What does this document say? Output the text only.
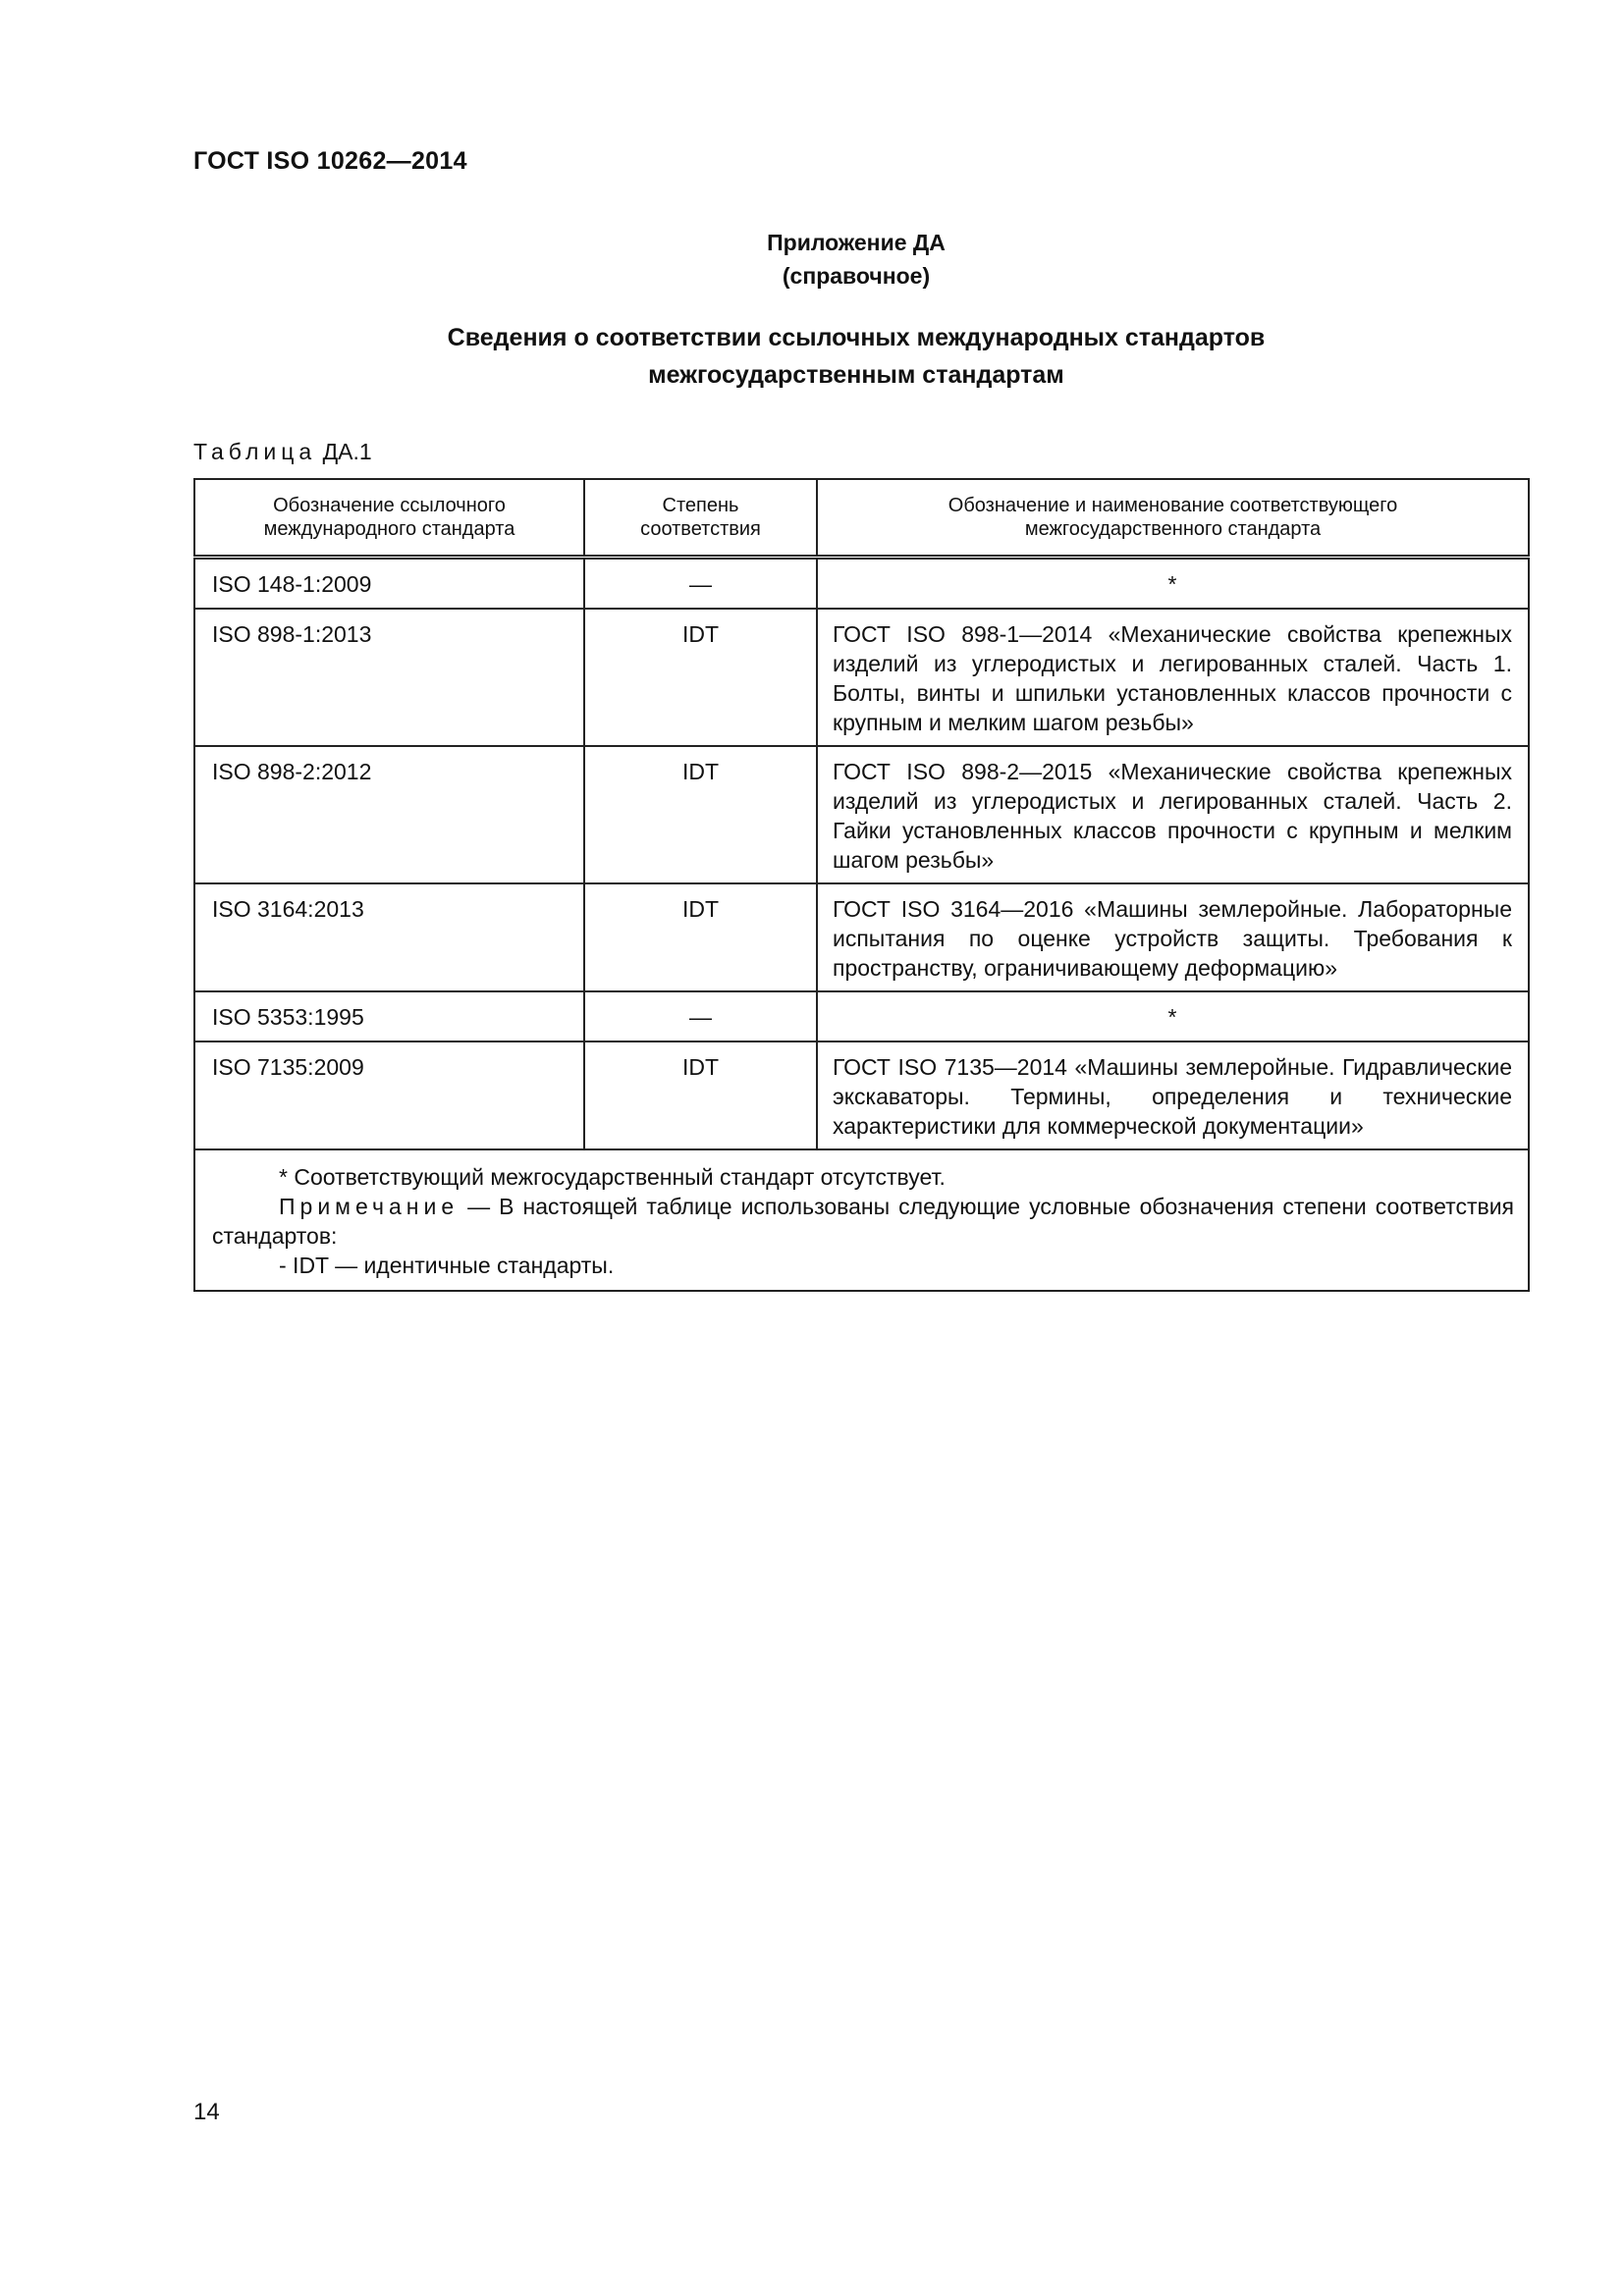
ГОСТ ISO 10262—2014
Приложение ДА
(справочное)
Сведения о соответствии ссылочных международных стандартов
межгосударственным стандартам
Таблица ДА.1
Обозначение ссылочного международного стандарта	Степень соответствия	Обозначение и наименование соответствующего межгосударственного стандарта

ISO 148-1:2009	—	*
ISO 898-1:2013	IDT	ГОСТ ISO 898-1—2014 «Механические свойства крепежных изделий из углеродистых и легированных сталей. Часть 1. Болты, винты и шпильки установленных классов прочности с крупным и мелким шагом резьбы»
ISO 898-2:2012	IDT	ГОСТ ISO 898-2—2015 «Механические свойства крепежных изделий из углеродистых и легированных сталей. Часть 2. Гайки установленных классов прочности с крупным и мелким шагом резьбы»
ISO 3164:2013	IDT	ГОСТ ISO 3164—2016 «Машины землеройные. Лабораторные испытания по оценке устройств защиты. Требования к пространству, ограничивающему деформацию»
ISO 5353:1995	—	*
ISO 7135:2009	IDT	ГОСТ ISO 7135—2014 «Машины землеройные. Гидравлические экскаваторы. Термины, определения и технические характеристики для коммерческой документации»

* Соответствующий межгосударственный стандарт отсутствует.
Примечание — В настоящей таблице использованы следующие условные обозначения степени соответствия стандартов:
- IDT — идентичные стандарты.		
14
